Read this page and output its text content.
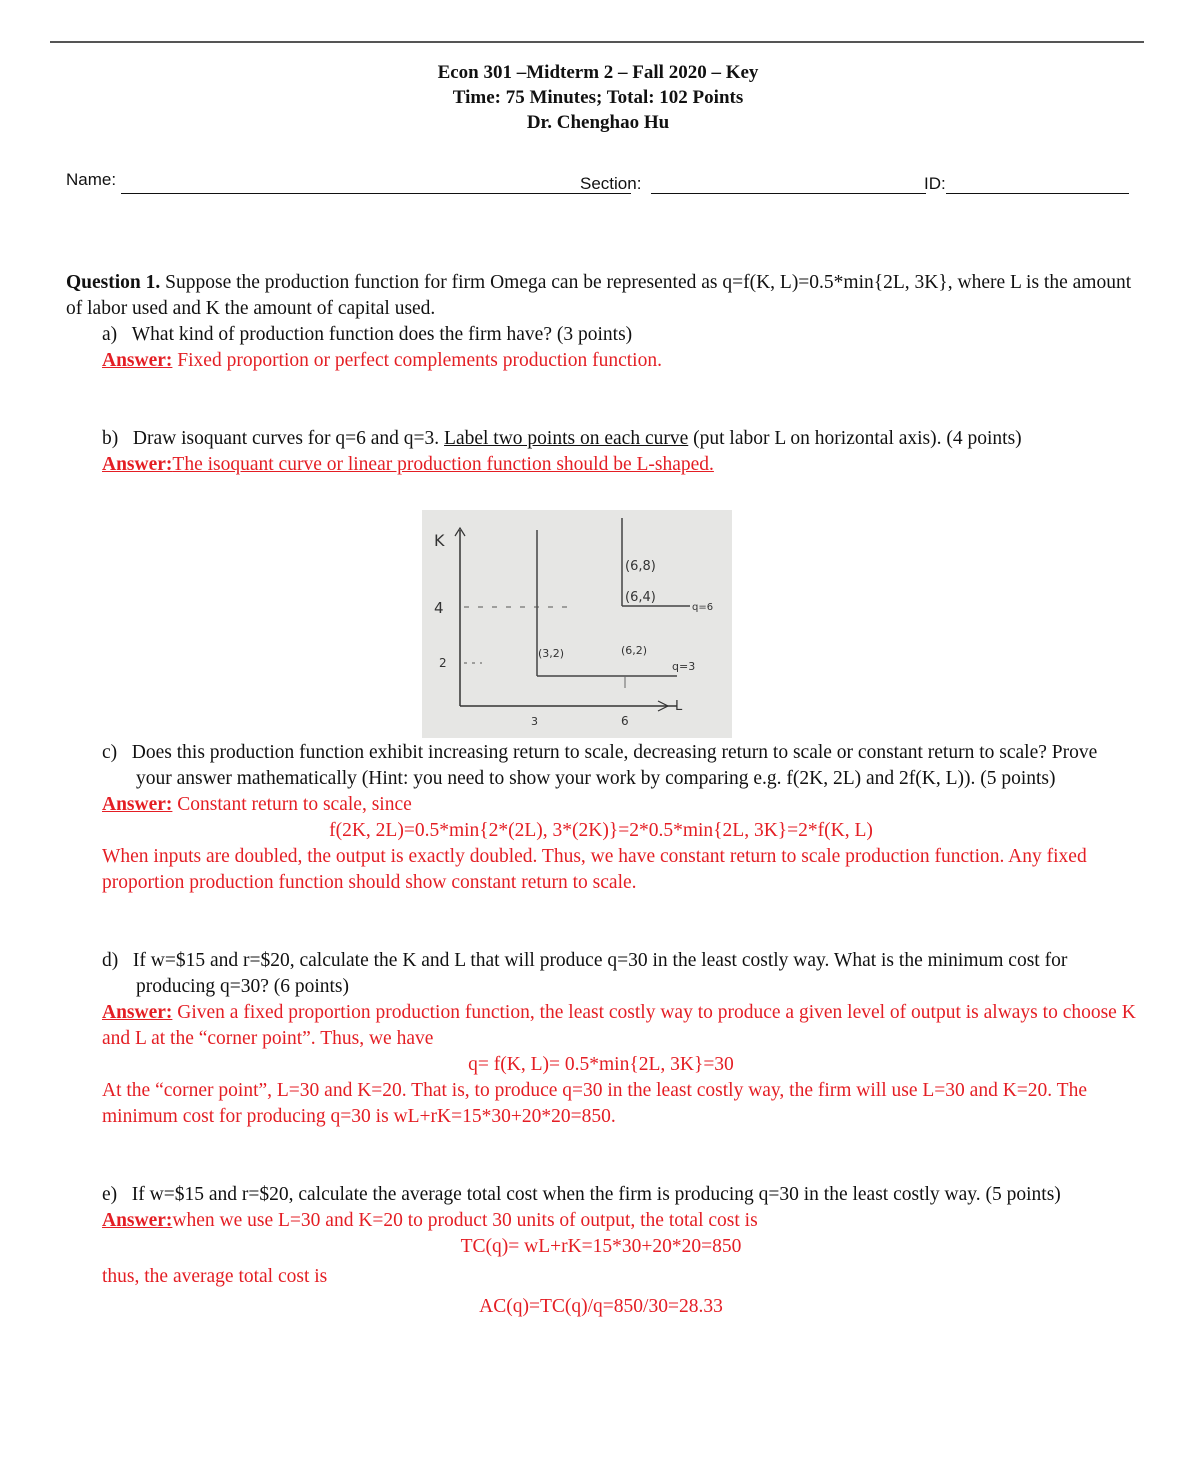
Econ 301 –Midterm 2 – Fall 2020 – Key
Time: 75 Minutes; Total: 102 Points
Dr. Chenghao Hu
Name:	Section:	ID:

Question 1. Suppose the production function for firm Omega can be represented as q=f(K, L)=0.5*min{2L, 3K}, where L is the amount of labor used and K the amount of capital used.

a) What kind of production function does the firm have? (3 points)

Answer: Fixed proportion or perfect complements production function.

b) Draw isoquant curves for q=6 and q=3. Label two points on each curve (put labor L on horizontal axis). (4 points)

Answer:The isoquant curve or linear production function should be L-shaped.

c) Does this production function exhibit increasing return to scale, decreasing return to scale or constant return to scale? Prove your answer mathematically (Hint: you need to show your work by comparing e.g. f(2K, 2L) and 2f(K, L)). (5 points)

Answer: Constant return to scale, since

f(2K, 2L)=0.5*min{2*(2L), 3*(2K)}=2*0.5*min{2L, 3K}=2*f(K, L)

When inputs are doubled, the output is exactly doubled. Thus, we have constant return to scale production function. Any fixed proportion production function should show constant return to scale.

d) If w=$15 and r=$20, calculate the K and L that will produce q=30 in the least costly way. What is the minimum cost for producing q=30? (6 points)

Answer: Given a fixed proportion production function, the least costly way to produce a given level of output is always to choose K and L at the “corner point”. Thus, we have

q= f(K, L)= 0.5*min{2L, 3K}=30

At the “corner point”, L=30 and K=20. That is, to produce q=30 in the least costly way, the firm will use L=30 and K=20. The minimum cost for producing q=30 is wL+rK=15*30+20*20=850.

e) If w=$15 and r=$20, calculate the average total cost when the firm is producing q=30 in the least costly way. (5 points)

Answer:when we use L=30 and K=20 to product 30 units of output, the total cost is

TC(q)= wL+rK=15*30+20*20=850

thus, the average total cost is

AC(q)=TC(q)/q=850/30=28.33

K
L
4
2
3	6
(6,8)
(6,4)
(3,2)	(6,2)
q=6
q=3
